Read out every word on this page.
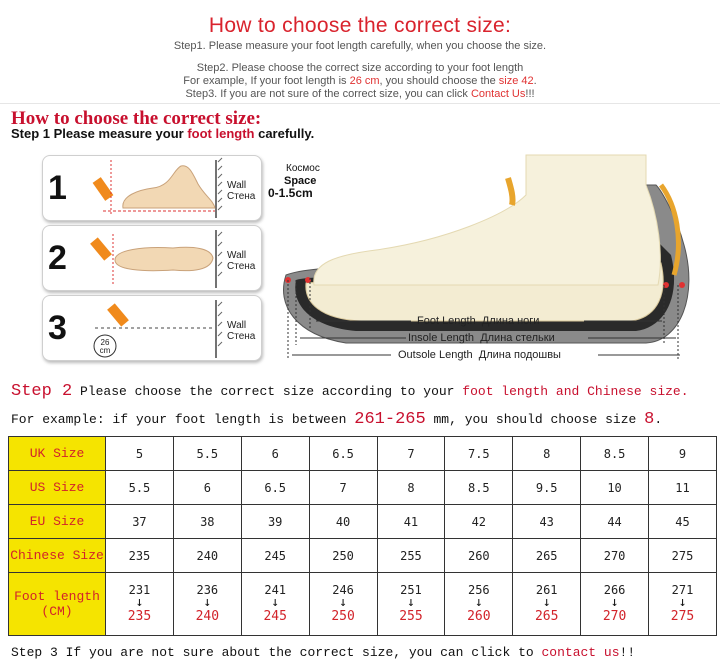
How to choose the correct size:
Step1. Please measure your foot length carefully, when you choose the size.
Step2. Please choose the correct size according to your foot length
For example, If your foot length is 26 cm, you should choose the size 42.
Step3. If you are not sure of the correct size, you can click Contact Us!!!
How to choose the correct size:
Step 1 Please measure your foot length carefully.
1	Wall
Стена
2	Wall
Стена
3	26
cm
Wall
Стена
Космос
Space
0-1.5cm
Foot Length Длина ноги
Insole Length Длина стельки
Outsole Length Длина подошвы
Step 2 Please choose the correct size according to your foot length and Chinese size.
For example: if your foot length is between 261-265 mm, you should choose size 8.
UK Size	5	5.5	6	6.5	7	7.5	8	8.5	9
US Size	5.5	6	6.5	7	8	8.5	9.5	10	11
EU Size	37	38	39	40	41	42	43	44	45
Chinese Size	235	240	245	250	255	260	265	270	275

Foot length
(CM)	231
↓
235	236
↓
240	241
↓
245	246
↓
250	251
↓
255	256
↓
260	261
↓
265	266
↓
270	271
↓
275
Step 3 If you are not sure about the correct size, you can click to contact us!!
